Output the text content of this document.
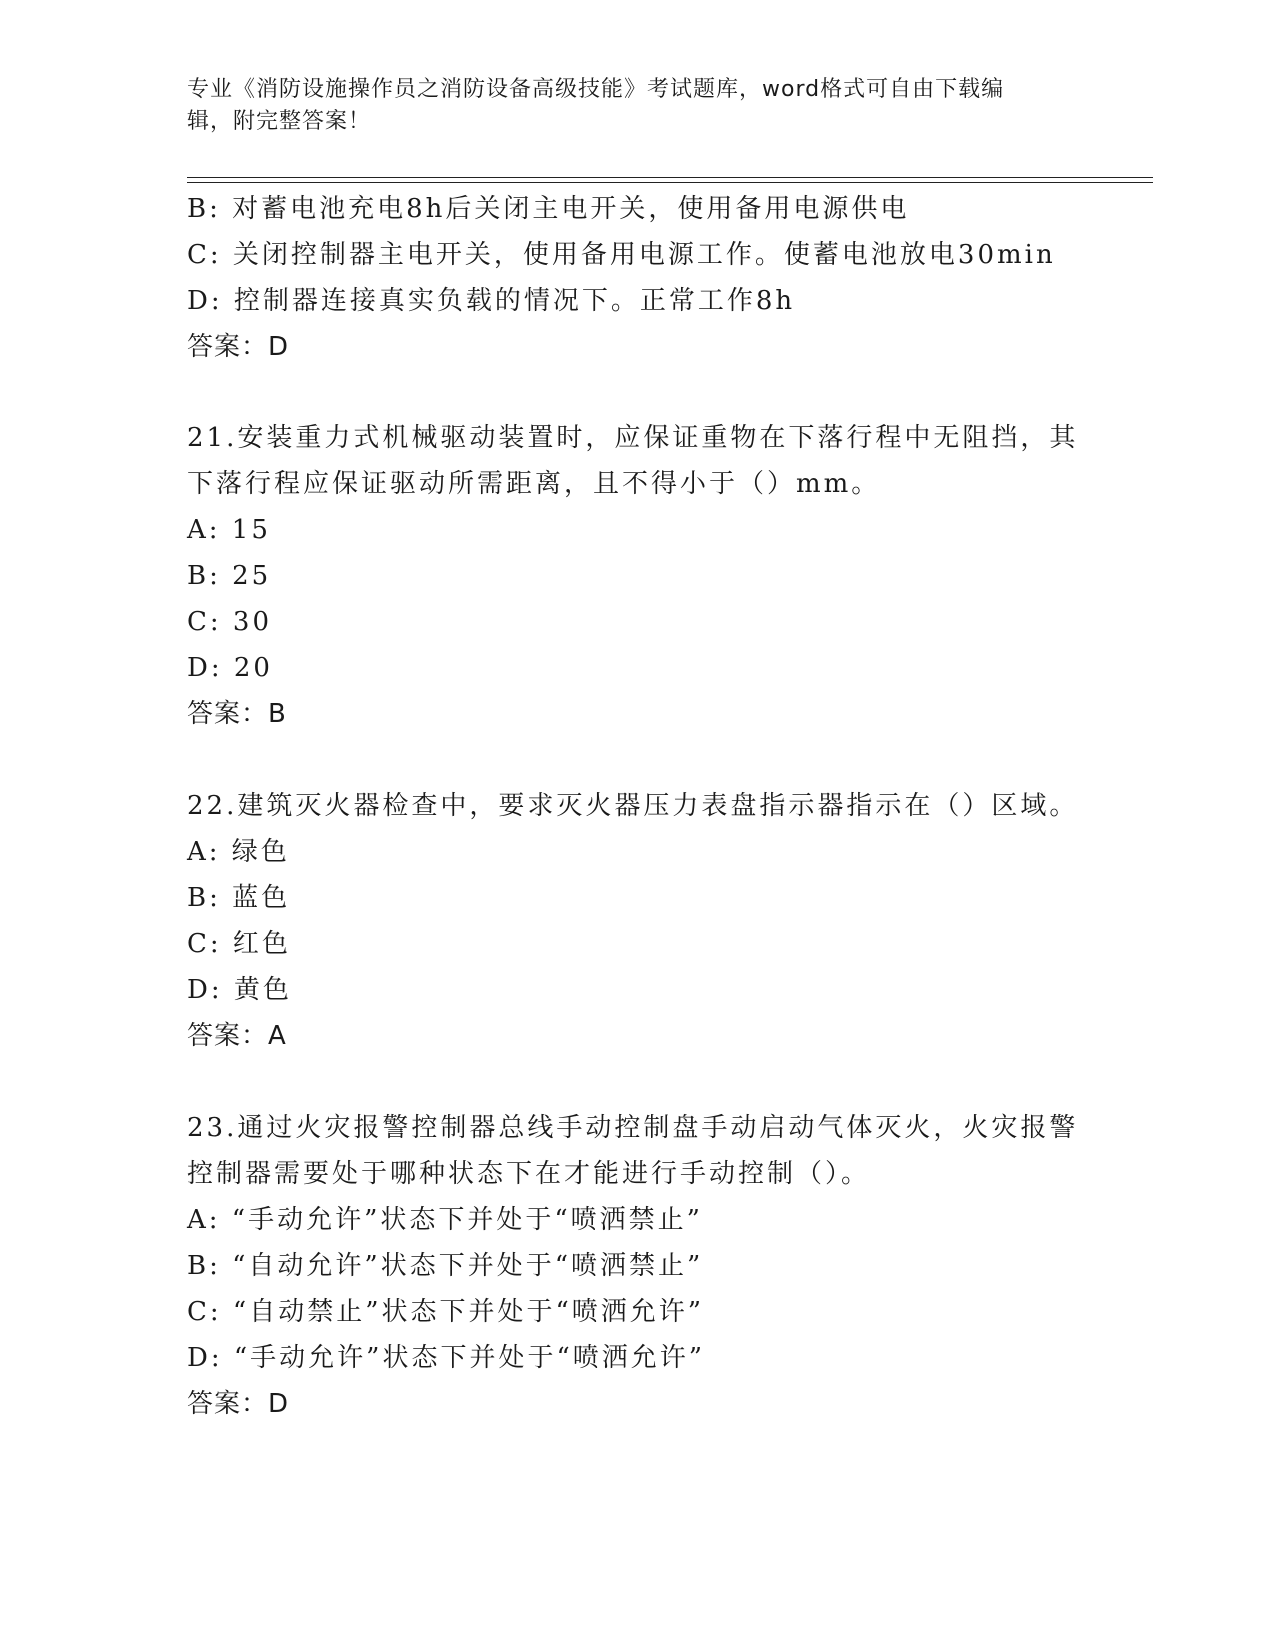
专业《消防设施操作员之消防设备高级技能》考试题库，word格式可自由下载编
辑，附完整答案！
B: 对蓄电池充电8h后关闭主电开关，使用备用电源供电
C: 关闭控制器主电开关，使用备用电源工作。使蓄电池放电30min
D: 控制器连接真实负载的情况下。正常工作8h
答案：D
21.安装重力式机械驱动装置时，应保证重物在下落行程中无阻挡，其
下落行程应保证驱动所需距离，且不得小于（）mm。
A: 15
B: 25
C: 30
D: 20
答案：B
22.建筑灭火器检查中，要求灭火器压力表盘指示器指示在（）区域。
A: 绿色
B: 蓝色
C: 红色
D: 黄色
答案：A
23.通过火灾报警控制器总线手动控制盘手动启动气体灭火，火灾报警
控制器需要处于哪种状态下在才能进行手动控制（）。
A: “手动允许”状态下并处于“喷洒禁止”
B: “自动允许”状态下并处于“喷洒禁止”
C: “自动禁止”状态下并处于“喷洒允许”
D: “手动允许”状态下并处于“喷洒允许”
答案：D
